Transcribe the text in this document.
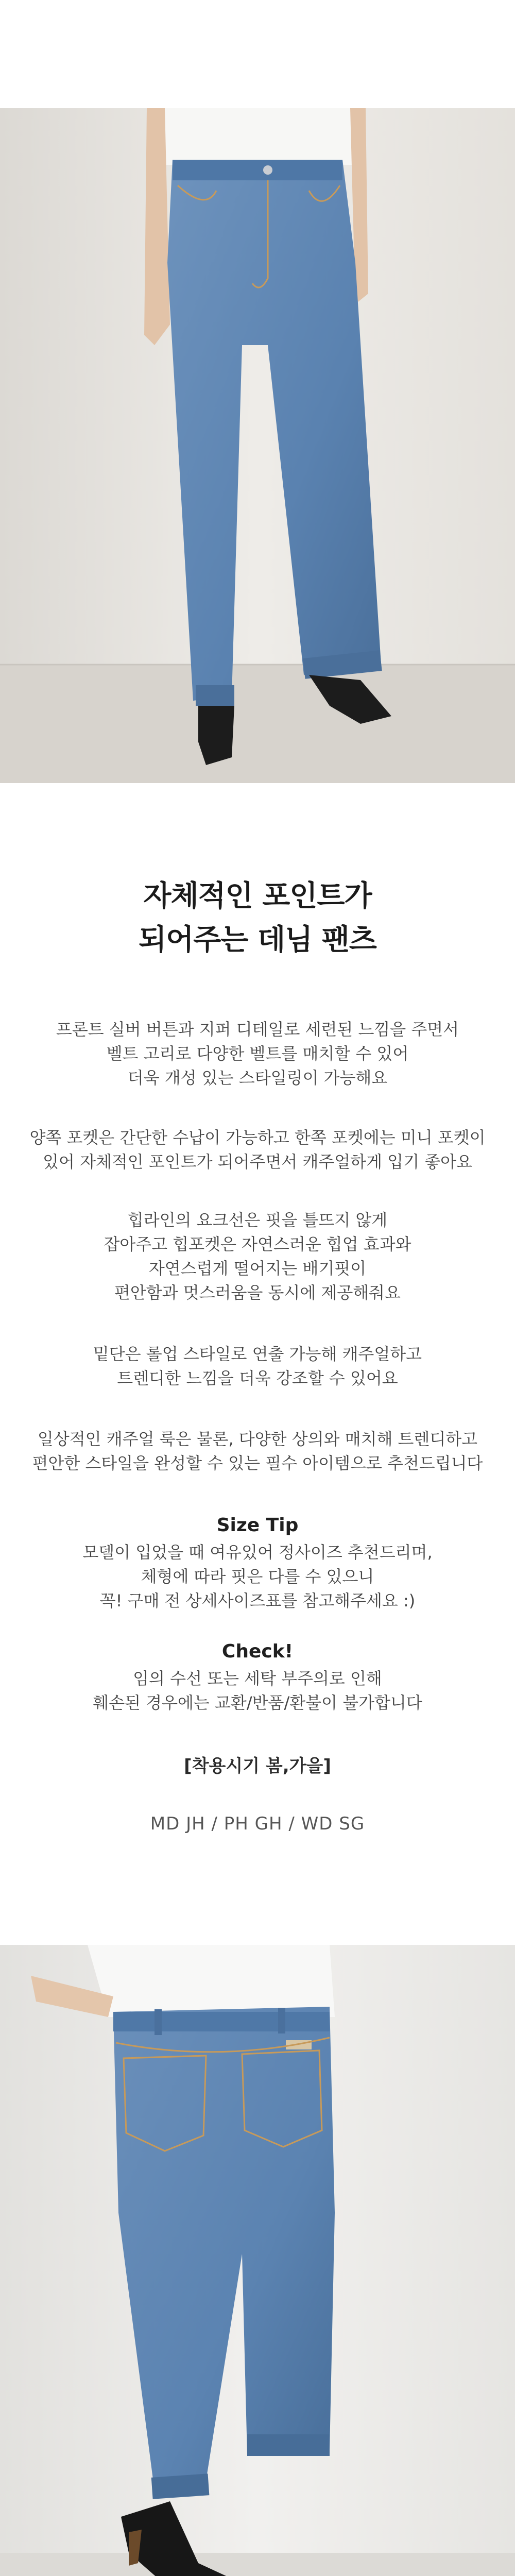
자체적인 포인트가
되어주는 데님 팬츠

프론트 실버 버튼과 지퍼 디테일로 세련된 느낌을 주면서
벨트 고리로 다양한 벨트를 매치할 수 있어
더욱 개성 있는 스타일링이 가능해요

양쪽 포켓은 간단한 수납이 가능하고 한쪽 포켓에는 미니 포켓이
있어 자체적인 포인트가 되어주면서 캐주얼하게 입기 좋아요

힙라인의 요크선은 핏을 틀뜨지 않게
잡아주고 힙포켓은 자연스러운 힙업 효과와
자연스럽게 떨어지는 배기핏이
편안함과 멋스러움을 동시에 제공해줘요

밑단은 롤업 스타일로 연출 가능해 캐주얼하고
트렌디한 느낌을 더욱 강조할 수 있어요

일상적인 캐주얼 룩은 물론, 다양한 상의와 매치해 트렌디하고
편안한 스타일을 완성할 수 있는 필수 아이템으로 추천드립니다

Size Tip

모델이 입었을 때 여유있어 정사이즈 추천드리며,
체형에 따라 핏은 다를 수 있으니
꼭! 구매 전 상세사이즈표를 참고해주세요 :)

Check!

임의 수선 또는 세탁 부주의로 인해
훼손된 경우에는 교환/반품/환불이 불가합니다

[착용시기 봄,가을]

MD JH / PH GH / WD SG
